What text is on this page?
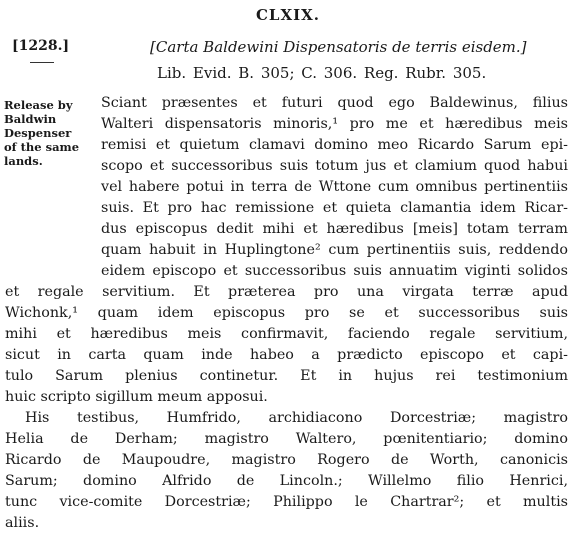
CLXIX.
[1228.]	[Carta Baldewini Dispensatoris de terris eisdem.]
Lib. Evid. B. 305; C. 306. Reg. Rubr. 305.
Release by
Baldwin
Despenser
of the same
lands.
Sciant præsentes et futuri quod ego Baldewinus, filius
Walteri dispensatoris minoris,¹ pro me et hæredibus meis
remisi et quietum clamavi domino meo Ricardo Sarum epi-
scopo et successoribus suis totum jus et clamium quod habui
vel habere potui in terra de Wttone cum omnibus pertinentiis
suis. Et pro hac remissione et quieta clamantia idem Ricar-
dus episcopus dedit mihi et hæredibus [meis] totam terram
quam habuit in Huplingtone² cum pertinentiis suis, reddendo
eidem episcopo et successoribus suis annuatim viginti solidos
et regale servitium. Et præterea pro una virgata terræ apud
Wichonk,¹ quam idem episcopus pro se et successoribus suis
mihi et hæredibus meis confirmavit, faciendo regale servitium,
sicut in carta quam inde habeo a prædicto episcopo et capi-
tulo Sarum plenius continetur. Et in hujus rei testimonium
huic scripto sigillum meum apposui.
His testibus, Humfrido, archidiacono Dorcestriæ; magistro
Helia de Derham; magistro Waltero, pœnitentiario; domino
Ricardo de Maupoudre, magistro Rogero de Worth, canonicis
Sarum; domino Alfrido de Lincoln.; Willelmo filio Henrici,
tunc vice-comite Dorcestriæ; Philippo le Chartrar²; et multis
aliis.
